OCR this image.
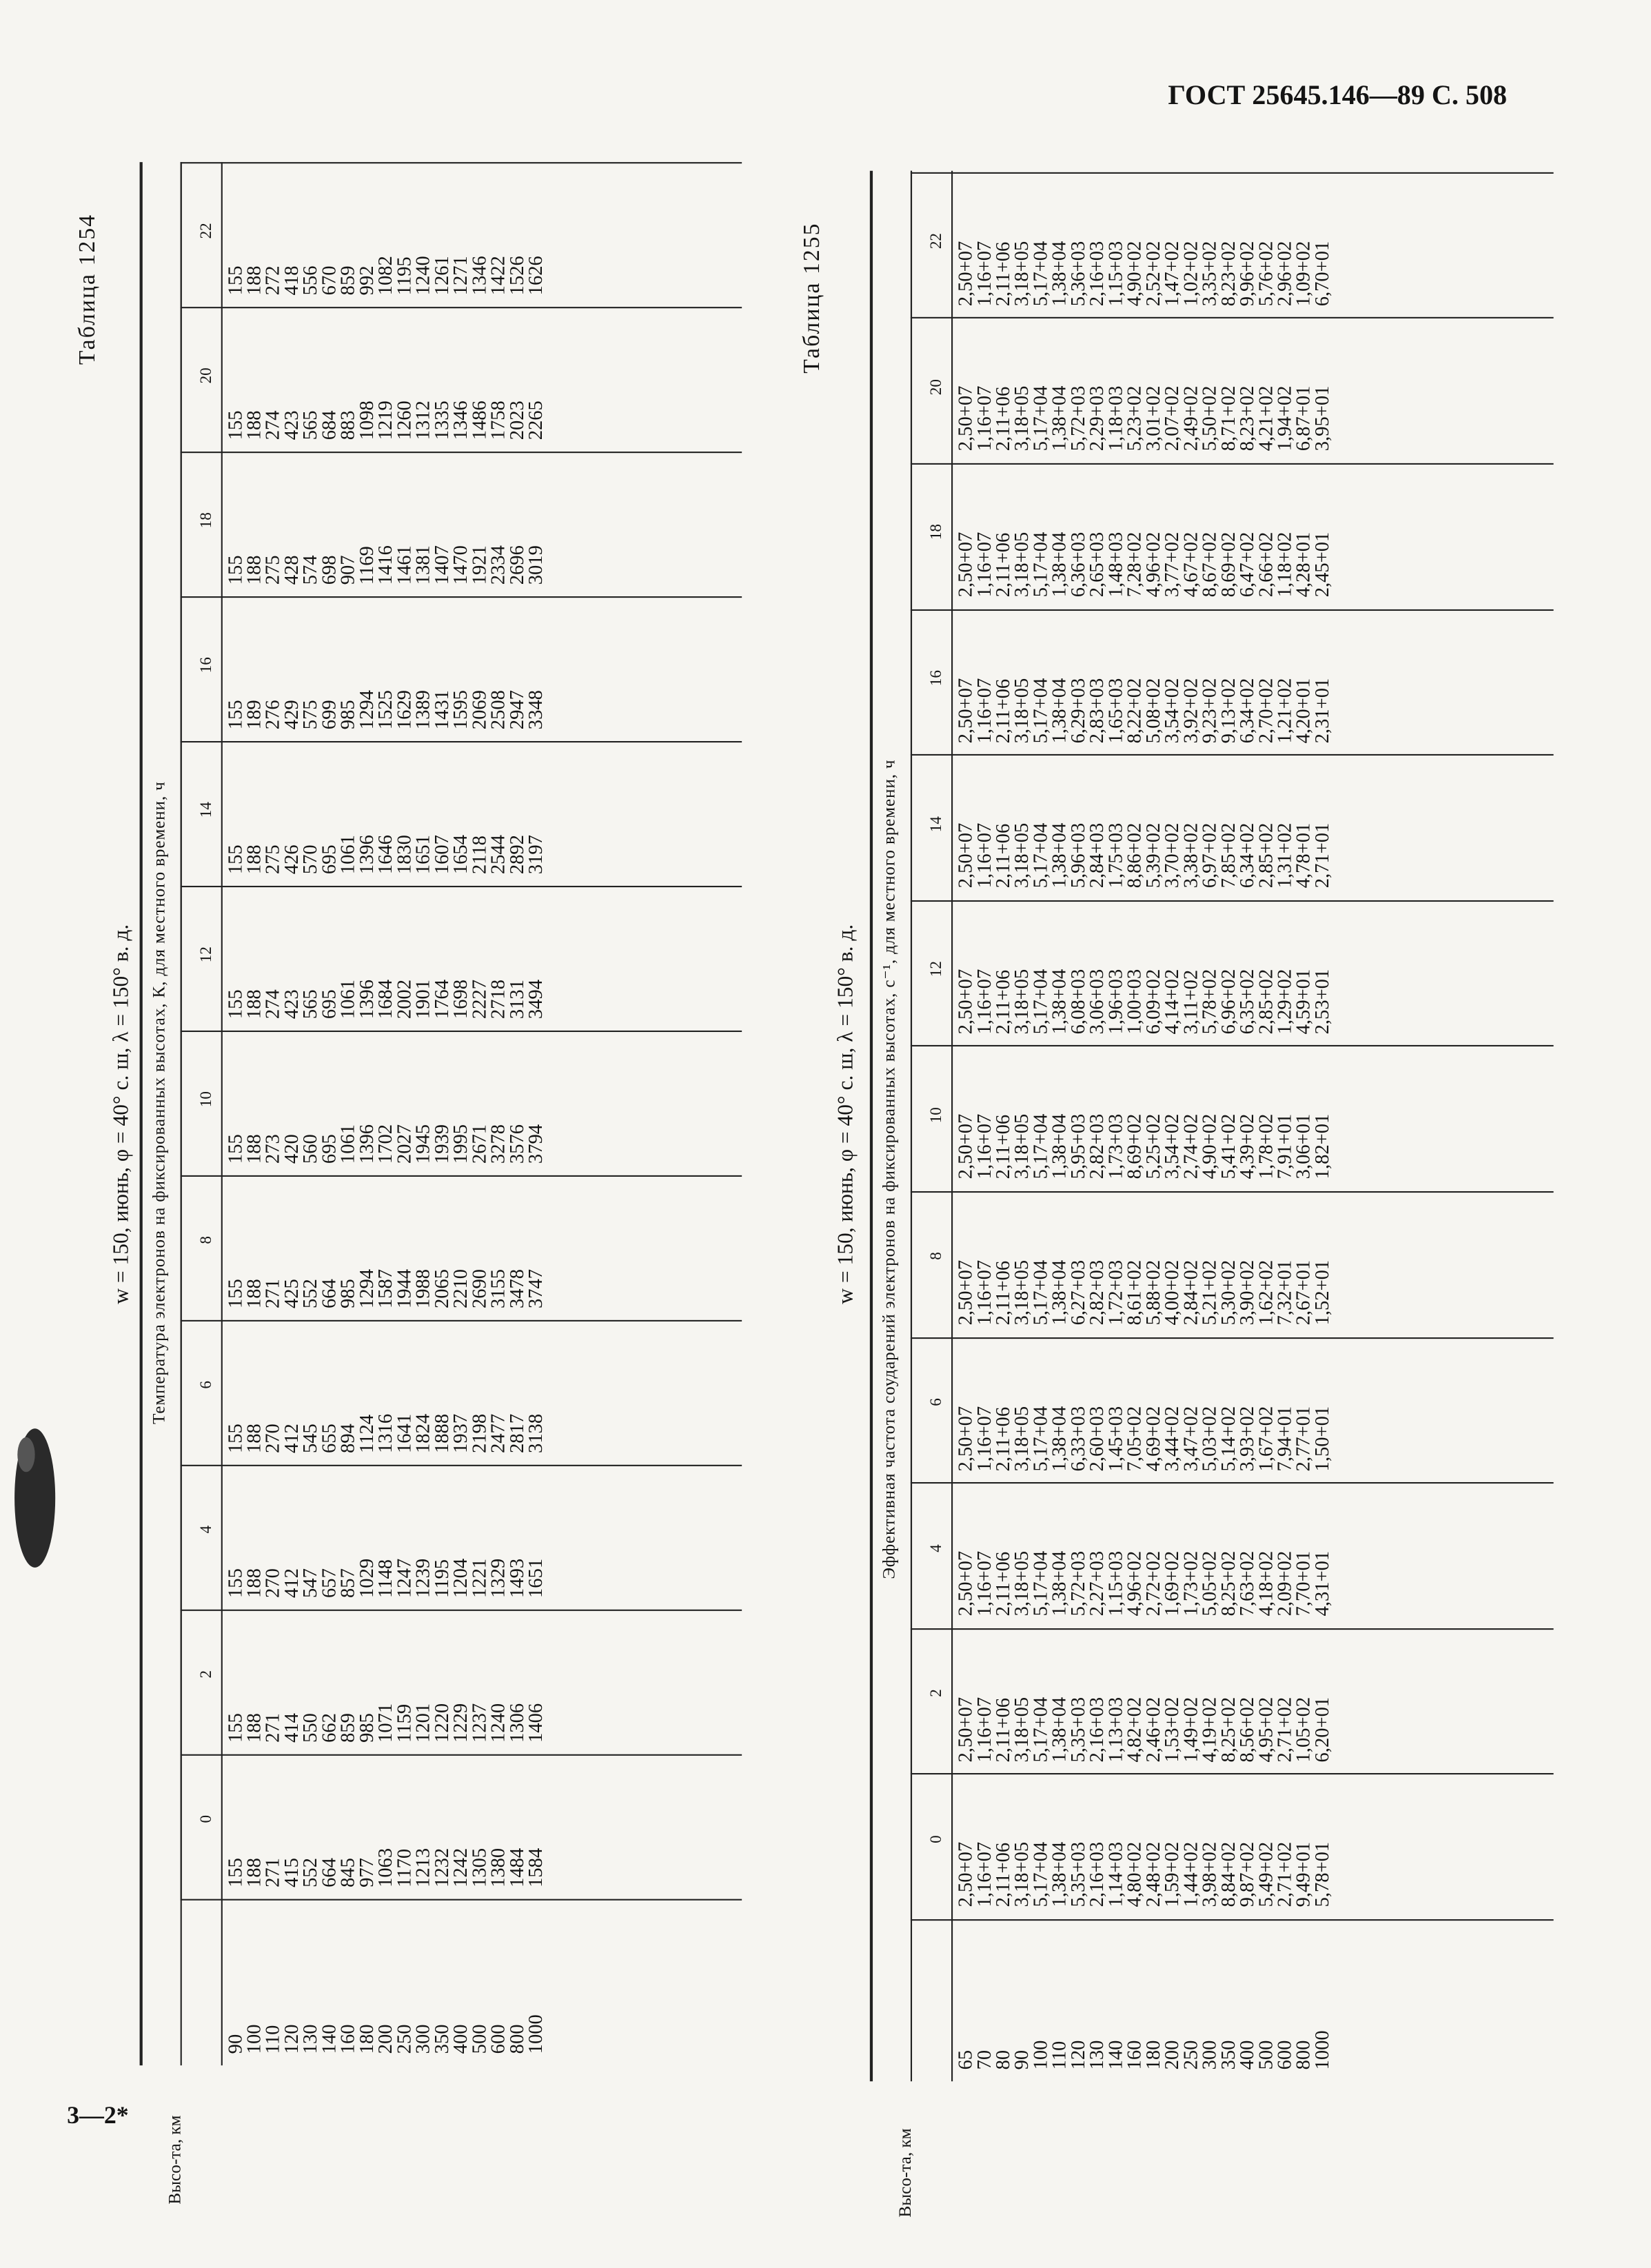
ГОСТ 25645.146—89 С. 508
3—2*
Таблица 1254
w = 150, июнь, φ = 40° с. ш, λ = 150° в. д. Температура электронов на фиксированных высотах, К, для местного времени, ч
Высо-та, км
90
100
110
120
130
140
160
180
200
250
300
350
400
500
600
800
1000
0
155
188
271
415
552
664
845
977
1063
1170
1213
1232
1242
1305
1380
1484
1584
2
155
188
271
414
550
662
859
985
1071
1159
1201
1220
1229
1237
1240
1306
1406
4
155
188
270
412
547
657
857
1029
1148
1247
1239
1195
1204
1221
1329
1493
1651
6
155
188
270
412
545
655
894
1124
1316
1641
1824
1888
1937
2198
2477
2817
3138
8
155
188
271
425
552
664
985
1294
1587
1944
1988
2065
2210
2690
3155
3478
3747
10
155
188
273
420
560
695
1061
1396
1702
2027
1945
1939
1995
2671
3278
3576
3794
12
155
188
274
423
565
695
1061
1396
1684
2002
1901
1764
1698
2227
2718
3131
3494
14
155
188
275
426
570
695
1061
1396
1646
1830
1651
1607
1654
2118
2544
2892
3197
16
155
189
276
429
575
699
985
1294
1525
1629
1389
1431
1595
2069
2508
2947
3348
18
155
188
275
428
574
698
907
1169
1416
1461
1381
1407
1470
1921
2334
2696
3019
20
155
188
274
423
565
684
883
1098
1219
1260
1312
1335
1346
1486
1758
2023
2265
22
155
188
272
418
556
670
859
992
1082
1195
1240
1261
1271
1346
1422
1526
1626	Таблица 1255
w = 150, июнь, φ = 40° с. ш, λ = 150° в. д. Эффективная частота соударений электронов на фиксированных высотах, с⁻¹, для местного времени, ч
Высо-та, км
65
70
80
90
100
110
120
130
140
160
180
200
250
300
350
400
500
600
800
1000
0
2,50+07
1,16+07
2,11+06
3,18+05
5,17+04
1,38+04
5,35+03
2,16+03
1,14+03
4,80+02
2,48+02
1,59+02
1,44+02
3,98+02
8,84+02
9,87+02
5,49+02
2,71+02
9,49+01
5,78+01
2
2,50+07
1,16+07
2,11+06
3,18+05
5,17+04
1,38+04
5,35+03
2,16+03
1,13+03
4,82+02
2,46+02
1,53+02
1,49+02
4,19+02
8,25+02
8,56+02
4,95+02
2,71+02
1,05+02
6,20+01
4
2,50+07
1,16+07
2,11+06
3,18+05
5,17+04
1,38+04
5,72+03
2,27+03
1,15+03
4,96+02
2,72+02
1,69+02
1,73+02
5,05+02
8,25+02
7,63+02
4,18+02
2,09+02
7,70+01
4,31+01
6
2,50+07
1,16+07
2,11+06
3,18+05
5,17+04
1,38+04
6,33+03
2,60+03
1,45+03
7,05+02
4,69+02
3,44+02
3,47+02
5,03+02
5,14+02
3,93+02
1,67+02
7,94+01
2,77+01
1,50+01
8
2,50+07
1,16+07
2,11+06
3,18+05
5,17+04
1,38+04
6,27+03
2,82+03
1,72+03
8,61+02
5,88+02
4,00+02
2,84+02
5,21+02
5,30+02
3,90+02
1,62+02
7,32+01
2,67+01
1,52+01
10 2,50+07
1,16+07
2,11+06
3,18+05
5,17+04
1,38+04
5,95+03
2,82+03
1,73+03
8,69+02
5,25+02
3,54+02
2,74+02
4,90+02
5,41+02
4,39+02
1,78+02
7,91+01
3,06+01
1,82+01
12 2,50+07
1,16+07
2,11+06
3,18+05
5,17+04
1,38+04
6,08+03
3,06+03
1,96+03
1,00+03
6,09+02
4,14+02
3,11+02
5,78+02
6,96+02
6,35+02
2,85+02
1,29+02
4,59+01
2,53+01
14 2,50+07
1,16+07
2,11+06
3,18+05
5,17+04
1,38+04
5,96+03
2,84+03
1,75+03
8,86+02
5,39+02
3,70+02
3,38+02
6,97+02
7,85+02
6,34+02
2,85+02
1,31+02
4,78+01
2,71+01
16 2,50+07
1,16+07
2,11+06
3,18+05
5,17+04
1,38+04
6,29+03
2,83+03
1,65+03
8,22+02
5,08+02
3,54+02
3,92+02
9,23+02
9,13+02
6,34+02
2,70+02
1,21+02
4,20+01
2,31+01
18 2,50+07
1,16+07
2,11+06
3,18+05
5,17+04
1,38+04
6,36+03
2,65+03
1,48+03
7,28+02
4,96+02
3,77+02
4,67+02
8,67+02
8,69+02
6,47+02
2,66+02
1,18+02
4,28+01
2,45+01
20 2,50+07
1,16+07
2,11+06
3,18+05
5,17+04
1,38+04
5,72+03
2,29+03
1,18+03
5,23+02
3,01+02
2,07+02
2,49+02
5,50+02
8,71+02
8,23+02
4,21+02
1,94+02
6,87+01
3,95+01
22 2,50+07
1,16+07
2,11+06
3,18+05
5,17+04
1,38+04
5,36+03
2,16+03
1,15+03
4,90+02
2,52+02
1,47+02
1,02+02
3,35+02
8,23+02
9,96+02
5,76+02
2,96+02
1,09+02
6,70+01
